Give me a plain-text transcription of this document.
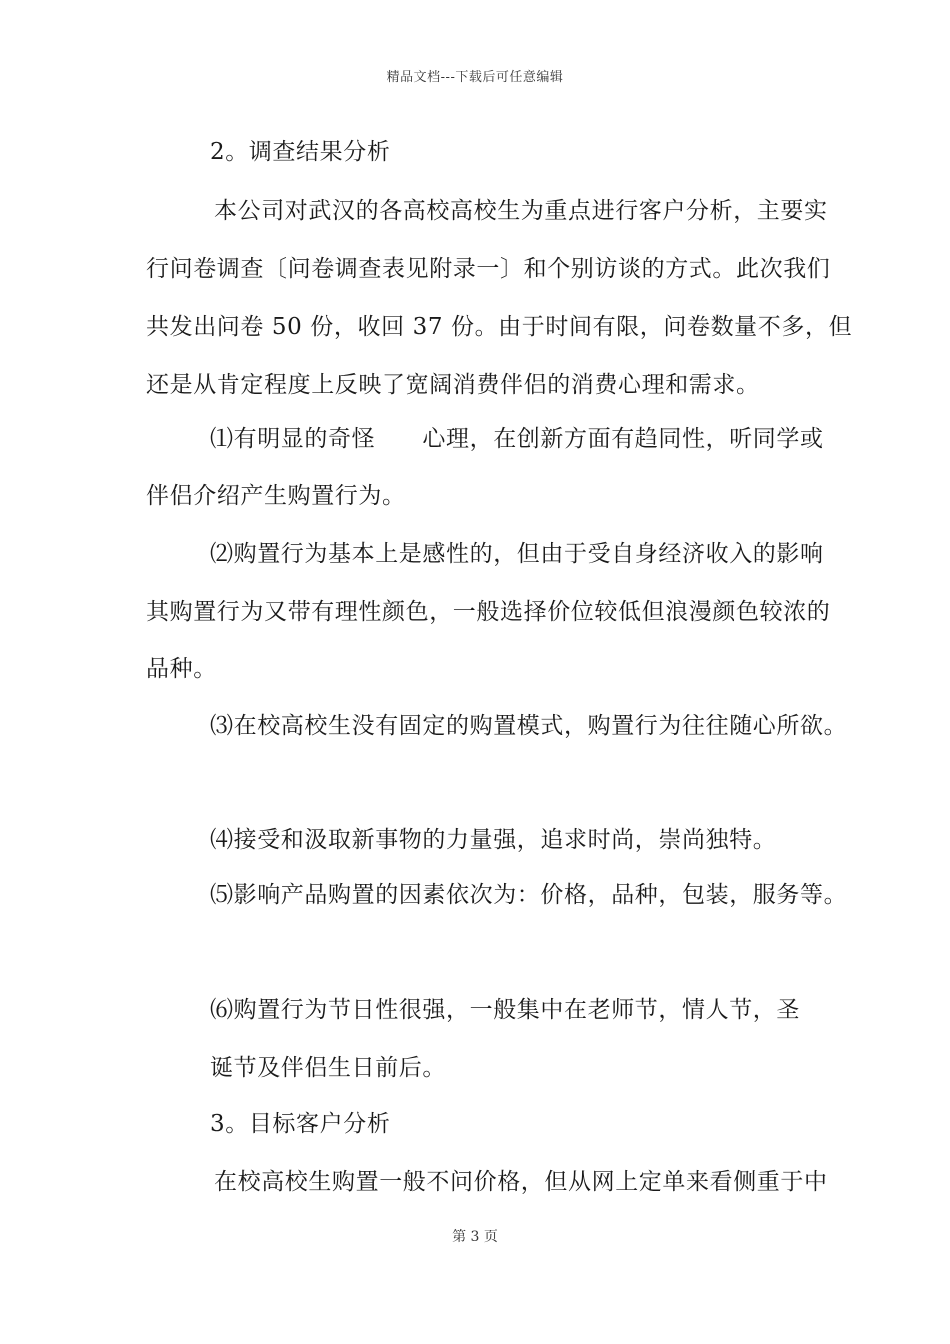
精品文档---下载后可任意编辑
2。调查结果分析
本公司对武汉的各高校高校生为重点进行客户分析，主要实
行问卷调查〔问卷调查表见附录一〕和个别访谈的方式。此次我们
共发出问卷 50 份，收回 37 份。由于时间有限，问卷数量不多，但
还是从肯定程度上反映了宽阔消费伴侣的消费心理和需求。
⑴有明显的奇怪　　心理，在创新方面有趋同性，听同学或
伴侣介绍产生购置行为。
⑵购置行为基本上是感性的，但由于受自身经济收入的影响
其购置行为又带有理性颜色，一般选择价位较低但浪漫颜色较浓的
品种。
⑶在校高校生没有固定的购置模式，购置行为往往随心所欲。
⑷接受和汲取新事物的力量强，追求时尚，崇尚独特。
⑸影响产品购置的因素依次为：价格，品种，包装，服务等。
⑹购置行为节日性很强，一般集中在老师节，情人节，圣
诞节及伴侣生日前后。
3。目标客户分析
在校高校生购置一般不问价格，但从网上定单来看侧重于中
第 3 页
